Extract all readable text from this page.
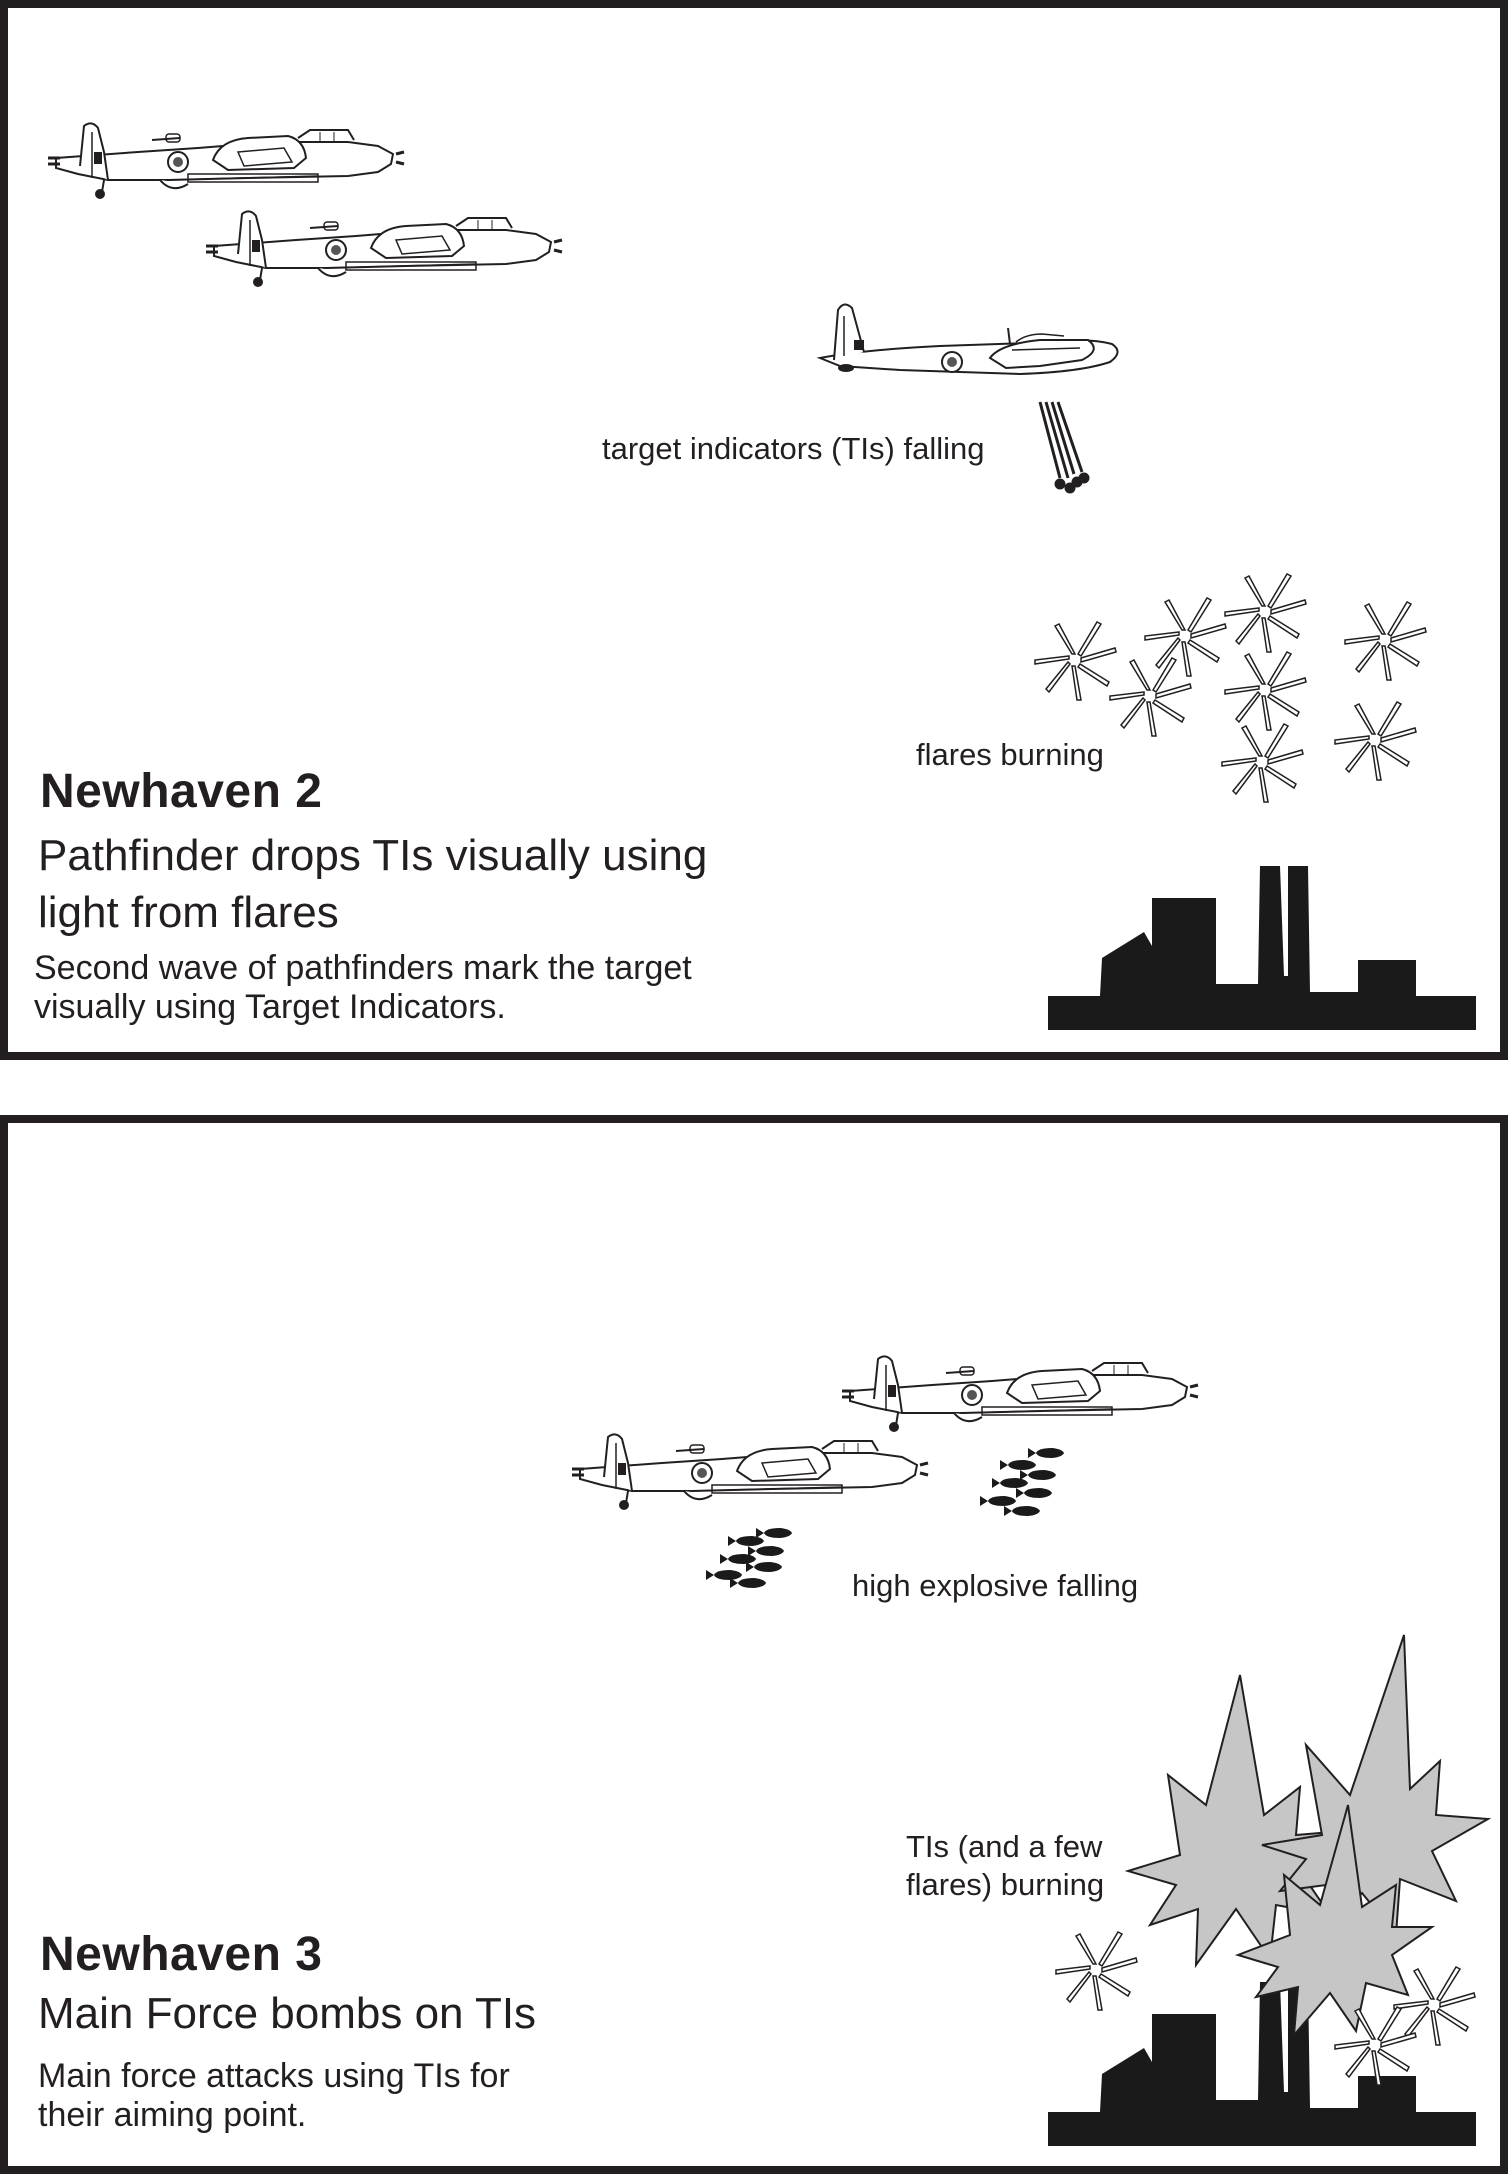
target indicators (TIs) falling
flares burning
Newhaven 2
Pathfinder drops TIs visually using light from flares
Second wave of pathfinders mark the target visually using Target Indicators.
high explosive falling
TIs (and a few flares) burning
Newhaven 3
Main Force bombs on TIs
Main force attacks using TIs for their aiming point.
